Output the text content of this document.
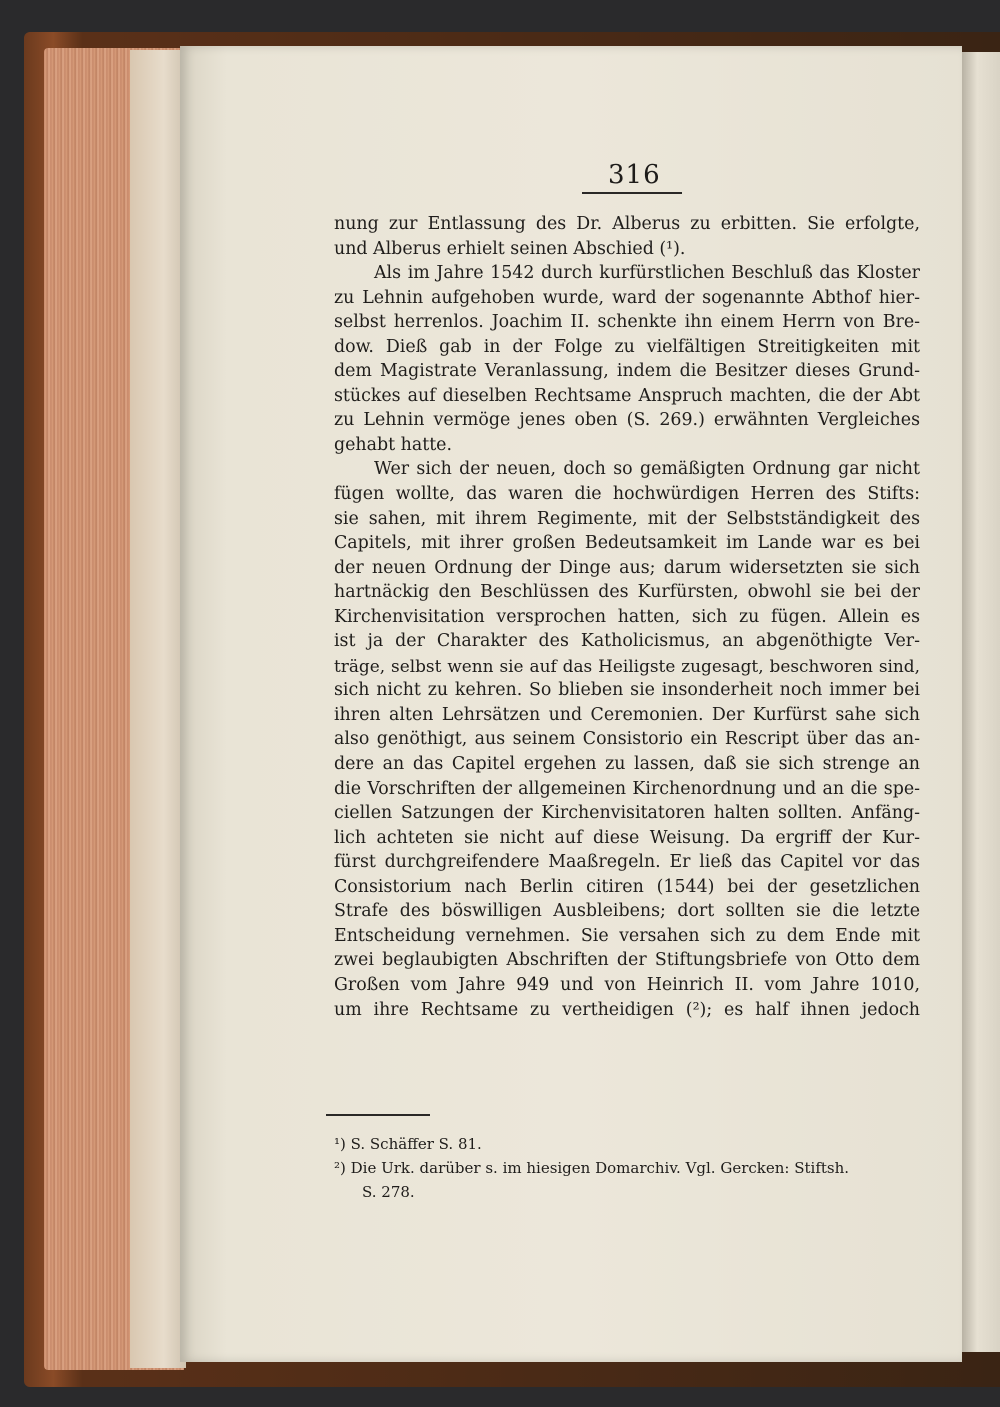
316
nung zur Entlassung des Dr. Alberus zu erbitten. Sie erfolgte,
und Alberus erhielt seinen Abschied (¹).
Als im Jahre 1542 durch kurfürstlichen Beschluß das Kloster
zu Lehnin aufgehoben wurde, ward der sogenannte Abthof hier-
selbst herrenlos. Joachim II. schenkte ihn einem Herrn von Bre-
dow. Dieß gab in der Folge zu vielfältigen Streitigkeiten mit
dem Magistrate Veranlassung, indem die Besitzer dieses Grund-
stückes auf dieselben Rechtsame Anspruch machten, die der Abt
zu Lehnin vermöge jenes oben (S. 269.) erwähnten Vergleiches
gehabt hatte.
Wer sich der neuen, doch so gemäßigten Ordnung gar nicht
fügen wollte, das waren die hochwürdigen Herren des Stifts:
sie sahen, mit ihrem Regimente, mit der Selbstständigkeit des
Capitels, mit ihrer großen Bedeutsamkeit im Lande war es bei
der neuen Ordnung der Dinge aus; darum widersetzten sie sich
hartnäckig den Beschlüssen des Kurfürsten, obwohl sie bei der
Kirchenvisitation versprochen hatten, sich zu fügen. Allein es
ist ja der Charakter des Katholicismus, an abgenöthigte Ver-
träge, selbst wenn sie auf das Heiligste zugesagt, beschworen sind,
sich nicht zu kehren. So blieben sie insonderheit noch immer bei
ihren alten Lehrsätzen und Ceremonien. Der Kurfürst sahe sich
also genöthigt, aus seinem Consistorio ein Rescript über das an-
dere an das Capitel ergehen zu lassen, daß sie sich strenge an
die Vorschriften der allgemeinen Kirchenordnung und an die spe-
ciellen Satzungen der Kirchenvisitatoren halten sollten. Anfäng-
lich achteten sie nicht auf diese Weisung. Da ergriff der Kur-
fürst durchgreifendere Maaßregeln. Er ließ das Capitel vor das
Consistorium nach Berlin citiren (1544) bei der gesetzlichen
Strafe des böswilligen Ausbleibens; dort sollten sie die letzte
Entscheidung vernehmen. Sie versahen sich zu dem Ende mit
zwei beglaubigten Abschriften der Stiftungsbriefe von Otto dem
Großen vom Jahre 949 und von Heinrich II. vom Jahre 1010,
um ihre Rechtsame zu vertheidigen (²); es half ihnen jedoch
¹) S. Schäffer S. 81.
²) Die Urk. darüber s. im hiesigen Domarchiv. Vgl. Gercken: Stiftsh.
S. 278.
